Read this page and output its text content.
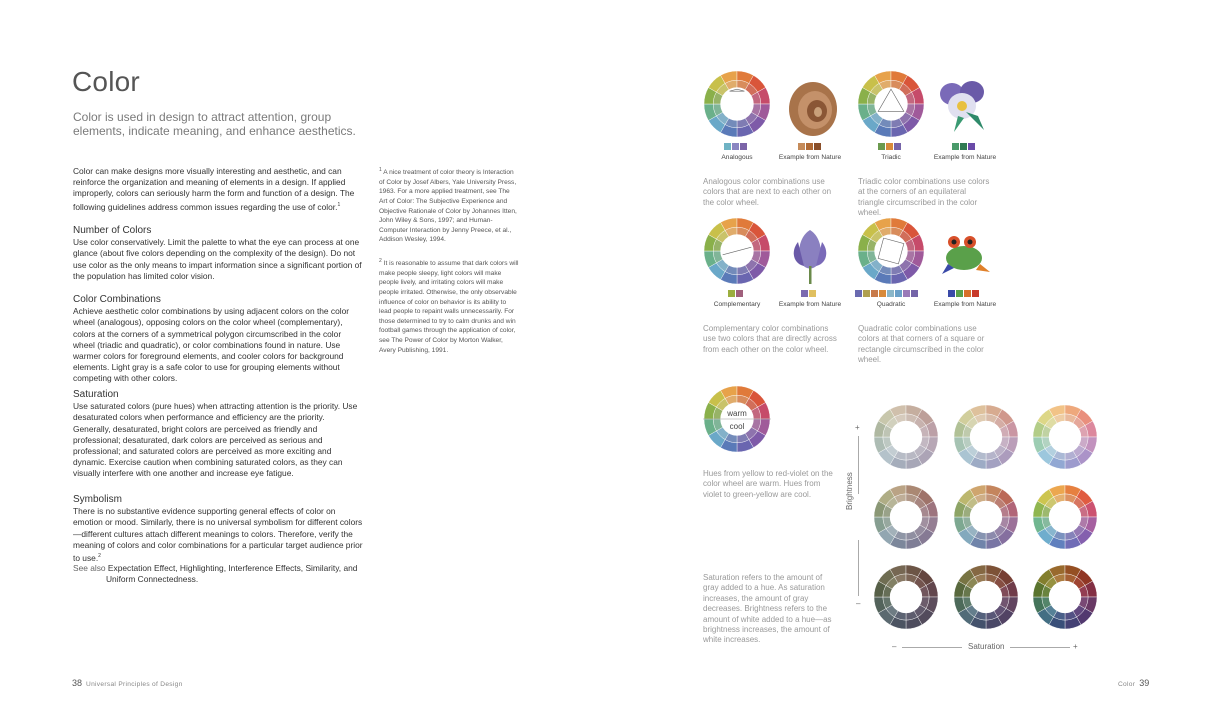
Color

Color is used in design to attract attention, group elements, indicate meaning, and enhance aesthetics.

Color can make designs more visually interesting and aesthetic, and can reinforce the organization and meaning of elements in a design. If applied improperly, colors can seriously harm the form and function of a design. The following guidelines address common issues regarding the use of color.$^1$

Number of Colors
Use color conservatively. Limit the palette to what the eye can process at one glance (about five colors depending on the complexity of the design). Do not use color as the only means to impart information since a significant portion of the population has limited color vision.
Color Combinations
Achieve aesthetic color combinations by using adjacent colors on the color wheel (analogous), opposing colors on the color wheel (complementary), colors at the corners of a symmetrical polygon circumscribed in the color wheel (triadic and quadratic), or color combinations found in nature. Use warmer colors for foreground elements, and cooler colors for background elements. Light gray is a safe color to use for grouping elements without competing with other colors.
Saturation
Use saturated colors (pure hues) when attracting attention is the priority. Use desaturated colors when performance and efficiency are the priority. Generally, desaturated, bright colors are perceived as friendly and professional; desaturated, dark colors are perceived as serious and professional; and saturated colors are perceived as more exciting and dynamic. Exercise caution when combining saturated colors, as they can visually interfere with one another and increase eye fatigue.
Symbolism
There is no substantive evidence supporting general effects of color on emotion or mood. Similarly, there is no universal symbolism for different colors—different cultures attach different meanings to colors. Therefore, verify the meaning of colors and color combinations for a particular target audience prior to use.$^2$
See also Expectation Effect, Highlighting, Interference Effects, Similarity, and
Uniform Connectedness.
$^1$ A nice treatment of color theory is Interaction of Color by Josef Albers, Yale University Press, 1963. For a more applied treatment, see The Art of Color: The Subjective Experience and Objective Rationale of Color by Johannes Itten, John Wiley & Sons, 1997; and Human-Computer Interaction by Jenny Preece, et al., Addison Wesley, 1994.
$^2$ It is reasonable to assume that dark colors will make people sleepy, light colors will make people lively, and irritating colors will make people irritated. Otherwise, the only observable influence of color on behavior is its ability to lead people to repaint walls unnecessarily. For those determined to try to calm drunks and win football games through the application of color, see The Power of Color by Morton Walker, Avery Publishing, 1991.
38 Universal Principles of Design	Color 39
Analogous	Example from Nature	Triadic	Example from Nature
Complementary	Example from Nature	Quadratic	Example from Nature
Analogous color combinations use colors that are next to each other on the color wheel.
Triadic color combinations use colors at the corners of an equilateral triangle circumscribed in the color wheel.
Complementary color combinations use two colors that are directly across from each other on the color wheel.
Quadratic color combinations use colors at that corners of a square or rectangle circumscribed in the color wheel.
warm
cool
Hues from yellow to red-violet on the color wheel are warm. Hues from violet to green-yellow are cool.
Saturation refers to the amount of gray added to a hue. As saturation increases, the amount of gray decreases. Brightness refers to the amount of white added to a hue—as brightness increases, the amount of white increases.
+
Brightness
–
–	Saturation	+
